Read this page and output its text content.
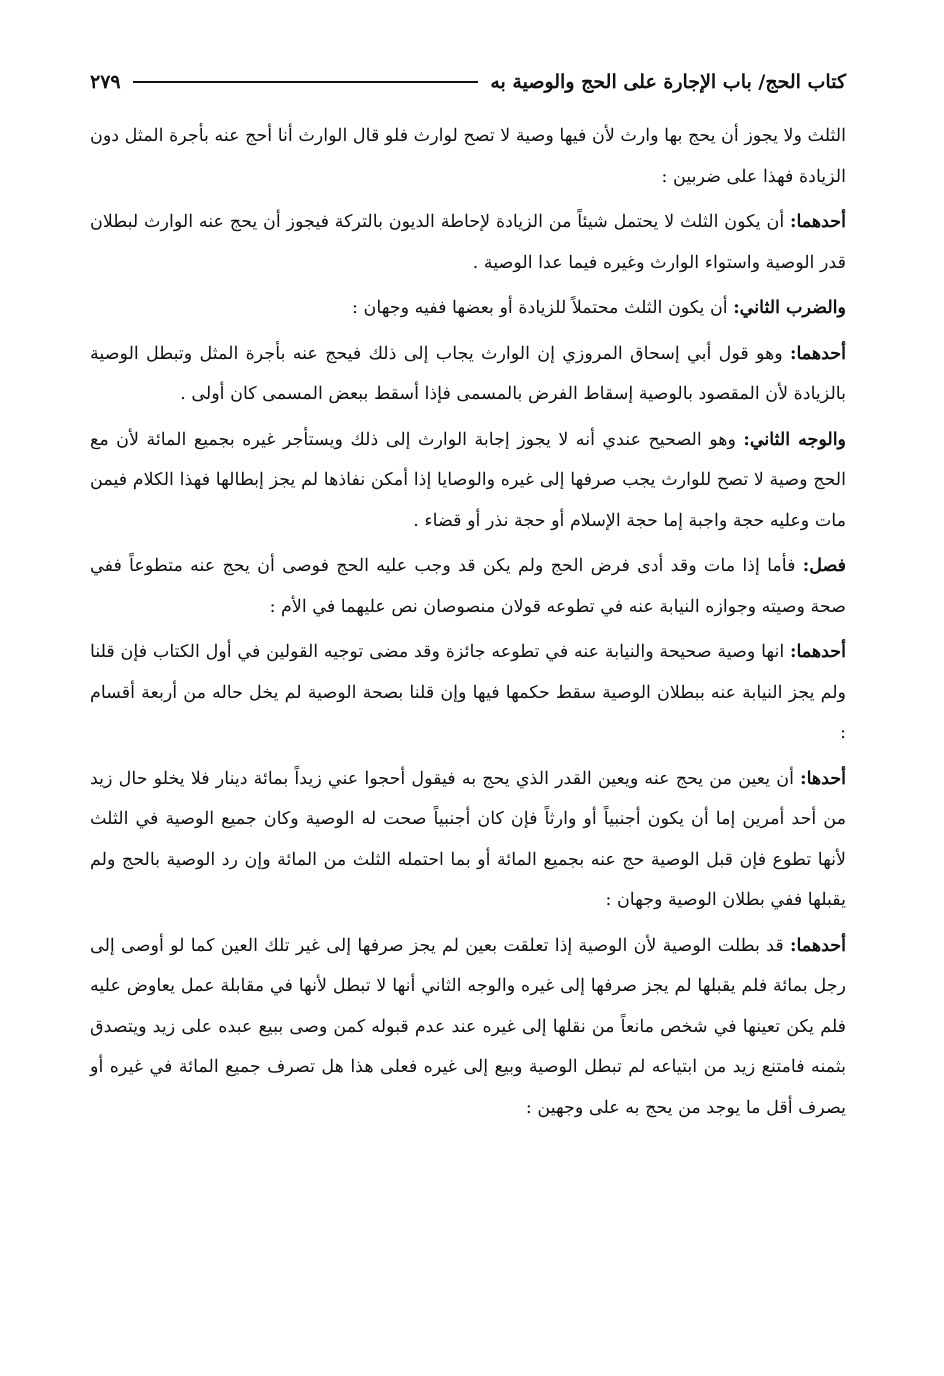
كتاب الحج/ باب الإجارة على الحج والوصية به
٢٧٩

الثلث ولا يجوز أن يحج بها وارث لأن فيها وصية لا تصح لوارث فلو قال الوارث أنا أحج عنه بأجرة المثل دون الزيادة فهذا على ضربين :

أحدهما: أن يكون الثلث لا يحتمل شيئاً من الزيادة لإحاطة الديون بالتركة فيجوز أن يحج عنه الوارث لبطلان قدر الوصية واستواء الوارث وغيره فيما عدا الوصية .

والضرب الثاني: أن يكون الثلث محتملاً للزيادة أو بعضها ففيه وجهان :

أحدهما: وهو قول أبي إسحاق المروزي إن الوارث يجاب إلى ذلك فيحج عنه بأجرة المثل وتبطل الوصية بالزيادة لأن المقصود بالوصية إسقاط الفرض بالمسمى فإذا أسقط ببعض المسمى كان أولى .

والوجه الثاني: وهو الصحيح عندي أنه لا يجوز إجابة الوارث إلى ذلك ويستأجر غيره بجميع المائة لأن مع الحج وصية لا تصح للوارث يجب صرفها إلى غيره والوصايا إذا أمكن نفاذها لم يجز إبطالها فهذا الكلام فيمن مات وعليه حجة واجبة إما حجة الإسلام أو حجة نذر أو قضاء .

فصل: فأما إذا مات وقد أدى فرض الحج ولم يكن قد وجب عليه الحج فوصى أن يحج عنه متطوعاً ففي صحة وصيته وجوازه النيابة عنه في تطوعه قولان منصوصان نص عليهما في الأم :

أحدهما: انها وصية صحيحة والنيابة عنه في تطوعه جائزة وقد مضى توجيه القولين في أول الكتاب فإن قلنا ولم يجز النيابة عنه ببطلان الوصية سقط حكمها فيها وإن قلنا بصحة الوصية لم يخل حاله من أربعة أقسام :

أحدها: أن يعين من يحج عنه ويعين القدر الذي يحج به فيقول أحجوا عني زيداً بمائة دينار فلا يخلو حال زيد من أحد أمرين إما أن يكون أجنبياً أو وارثاً فإن كان أجنبياً صحت له الوصية وكان جميع الوصية في الثلث لأنها تطوع فإن قبل الوصية حج عنه بجميع المائة أو بما احتمله الثلث من المائة وإن رد الوصية بالحج ولم يقبلها ففي بطلان الوصية وجهان :

أحدهما: قد بطلت الوصية لأن الوصية إذا تعلقت بعين لم يجز صرفها إلى غير تلك العين كما لو أوصى إلى رجل بمائة فلم يقبلها لم يجز صرفها إلى غيره والوجه الثاني أنها لا تبطل لأنها في مقابلة عمل يعاوض عليه فلم يكن تعينها في شخص مانعاً من نقلها إلى غيره عند عدم قبوله كمن وصى ببيع عبده على زيد ويتصدق بثمنه فامتنع زيد من ابتياعه لم تبطل الوصية وبيع إلى غيره فعلى هذا هل تصرف جميع المائة في غيره أو يصرف أقل ما يوجد من يحج به على وجهين :
